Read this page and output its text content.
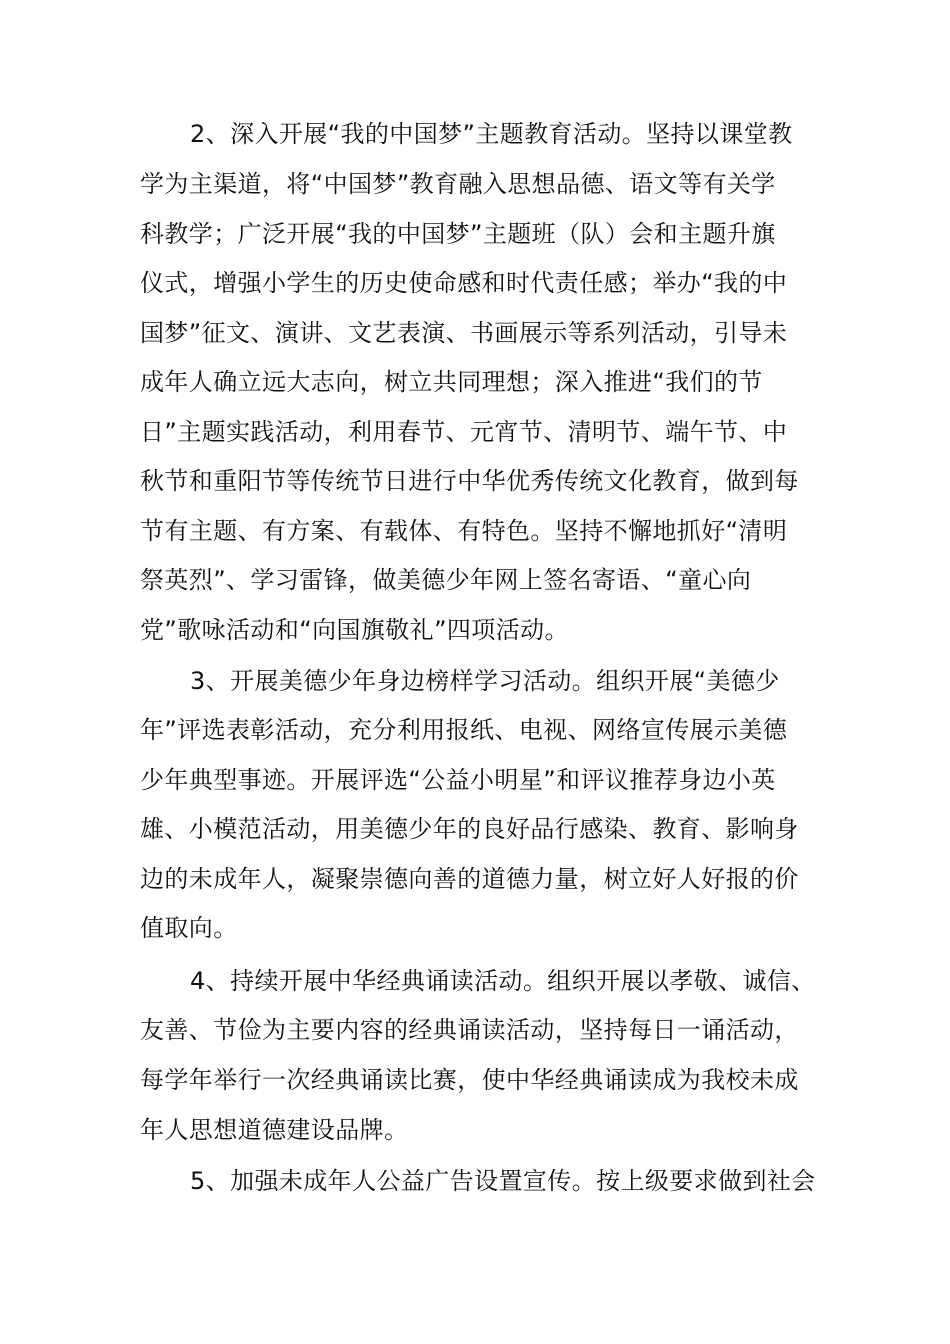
2、深入开展“我的中国梦”主题教育活动。坚持以课堂教
学为主渠道，将“中国梦”教育融入思想品德、语文等有关学
科教学；广泛开展“我的中国梦”主题班（队）会和主题升旗
仪式，增强小学生的历史使命感和时代责任感；举办“我的中
国梦”征文、演讲、文艺表演、书画展示等系列活动，引导未
成年人确立远大志向，树立共同理想；深入推进“我们的节
日”主题实践活动，利用春节、元宵节、清明节、端午节、中
秋节和重阳节等传统节日进行中华优秀传统文化教育，做到每
节有主题、有方案、有载体、有特色。坚持不懈地抓好“清明
祭英烈”、学习雷锋，做美德少年网上签名寄语、“童心向
党”歌咏活动和“向国旗敬礼”四项活动。
3、开展美德少年身边榜样学习活动。组织开展“美德少
年”评选表彰活动，充分利用报纸、电视、网络宣传展示美德
少年典型事迹。开展评选“公益小明星”和评议推荐身边小英
雄、小模范活动，用美德少年的良好品行感染、教育、影响身
边的未成年人，凝聚崇德向善的道德力量，树立好人好报的价
值取向。
4、持续开展中华经典诵读活动。组织开展以孝敬、诚信、
友善、节俭为主要内容的经典诵读活动，坚持每日一诵活动，
每学年举行一次经典诵读比赛，使中华经典诵读成为我校未成
年人思想道德建设品牌。
5、加强未成年人公益广告设置宣传。按上级要求做到社会
